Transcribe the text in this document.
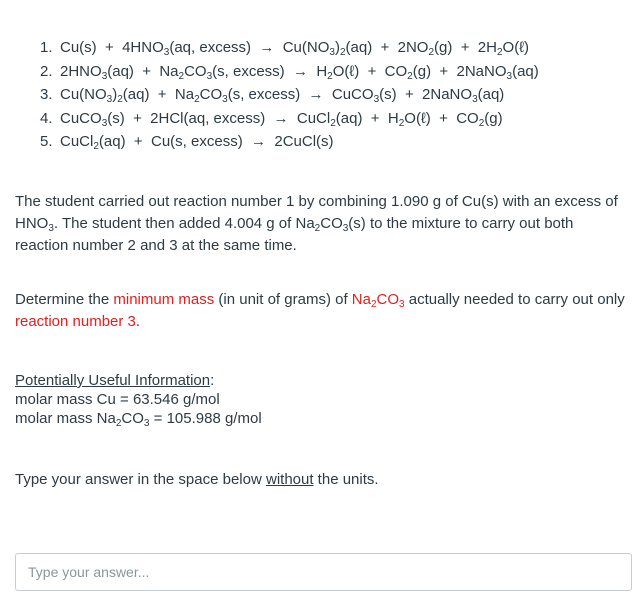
1. $Cu(s) + 4HNO_3(aq$, excess)  →  $Cu(NO_3)_2(aq) + 2NO_2(g)$  +  $2H_2O(\ell)$
2. $2HNO_3(aq) + Na_2CO_3(s$, excess)  →  $H_2O(\ell) + CO_2(g)$  +  2NaNO$_3$(aq)
3. $Cu(NO_3)_2(aq) + Na_2CO_3(s$, excess)  →  CuCO$_3$(s)  +  2NaNO$_3$(aq)
4. CuCO$_3$(s)  +  2HCl(aq, excess)  →  CuCl$_2$(aq)  +  $H_2O(\ell) + CO_2(g)$
5. CuCl$_2$(aq)  +  Cu(s, excess)  →  2CuCl(s)
The student carried out reaction number 1 by combining 1.090 g of Cu(s) with an excess of $HNO_3$. The student then added 4.004 g of $Na_2CO_3(s)$ to the mixture to carry out both reaction number 2 and 3 at the same time.
Determine the minimum mass (in unit of grams) of $Na_2CO_3$ actually needed to carry out only reaction number 3.
Potentially Useful Information:
molar mass Cu = 63.546 g/mol
molar mass $Na_2CO_3 = 105.988$ g/mol
Type your answer in the space below without the units.
Type your answer...
